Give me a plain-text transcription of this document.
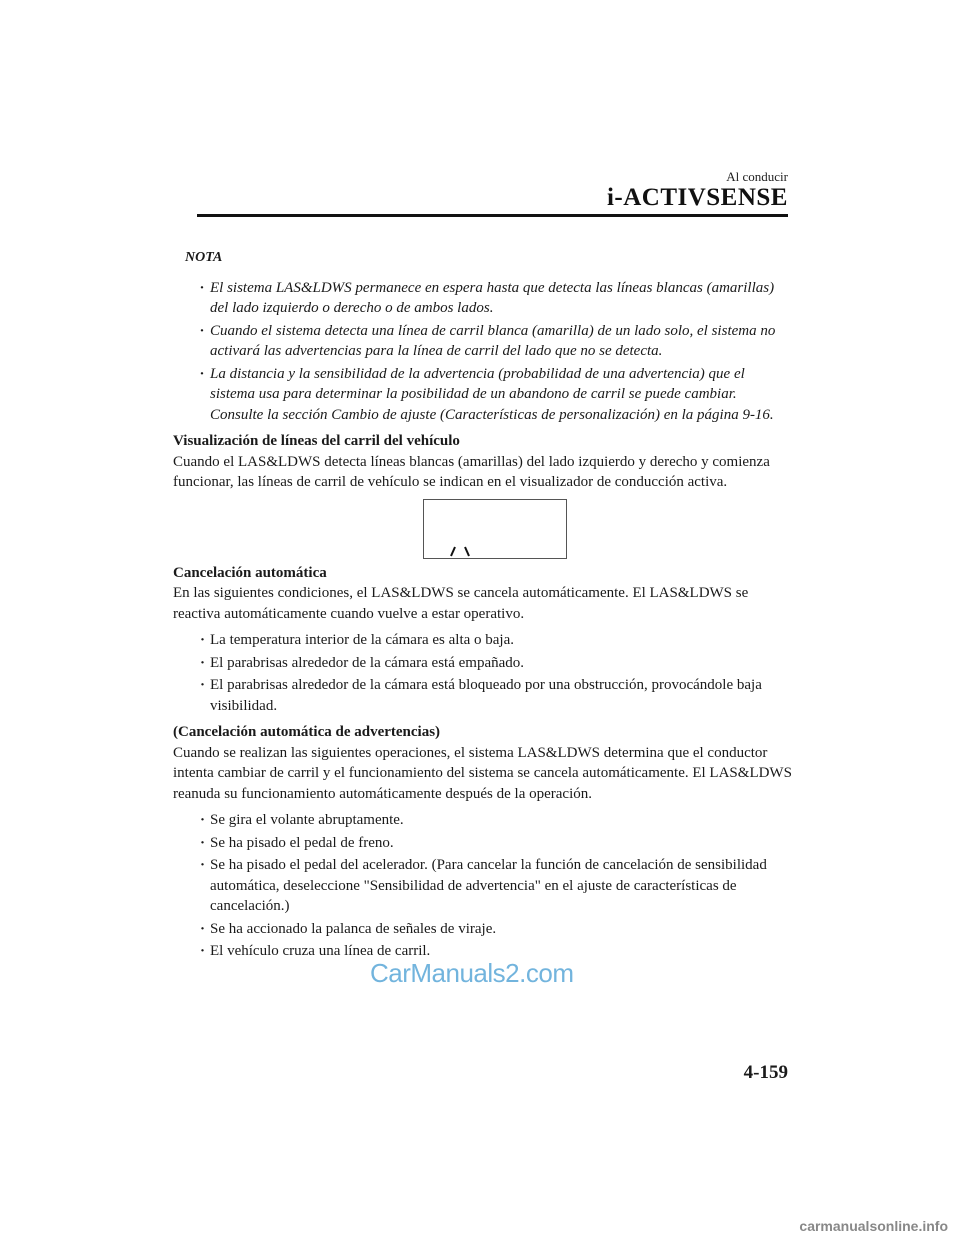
Al conducir
i-ACTIVSENSE
NOTA
· El sistema LAS&LDWS permanece en espera hasta que detecta las líneas blancas (amarillas) del lado izquierdo o derecho o de ambos lados.
· Cuando el sistema detecta una línea de carril blanca (amarilla) de un lado solo, el sistema no activará las advertencias para la línea de carril del lado que no se detecta.
· La distancia y la sensibilidad de la advertencia (probabilidad de una advertencia) que el sistema usa para determinar la posibilidad de un abandono de carril se puede cambiar. Consulte la sección Cambio de ajuste (Características de personalización) en la página 9-16.

Visualización de líneas del carril del vehículo

Cuando el LAS&LDWS detecta líneas blancas (amarillas) del lado izquierdo y derecho y comienza funcionar, las líneas de carril de vehículo se indican en el visualizador de conducción activa.

Cancelación automática

En las siguientes condiciones, el LAS&LDWS se cancela automáticamente. El LAS&LDWS se reactiva automáticamente cuando vuelve a estar operativo.

· La temperatura interior de la cámara es alta o baja.
· El parabrisas alrededor de la cámara está empañado.
· El parabrisas alrededor de la cámara está bloqueado por una obstrucción, provocándole baja visibilidad.

(Cancelación automática de advertencias)

Cuando se realizan las siguientes operaciones, el sistema LAS&LDWS determina que el conductor intenta cambiar de carril y el funcionamiento del sistema se cancela automáticamente. El LAS&LDWS reanuda su funcionamiento automáticamente después de la operación.

· Se gira el volante abruptamente.
· Se ha pisado el pedal de freno.
· Se ha pisado el pedal del acelerador. (Para cancelar la función de cancelación de sensibilidad automática, deseleccione "Sensibilidad de advertencia" en el ajuste de características de cancelación.)
· Se ha accionado la palanca de señales de viraje.
· El vehículo cruza una línea de carril.
CarManuals2.com
4-159
carmanualsonline.info
